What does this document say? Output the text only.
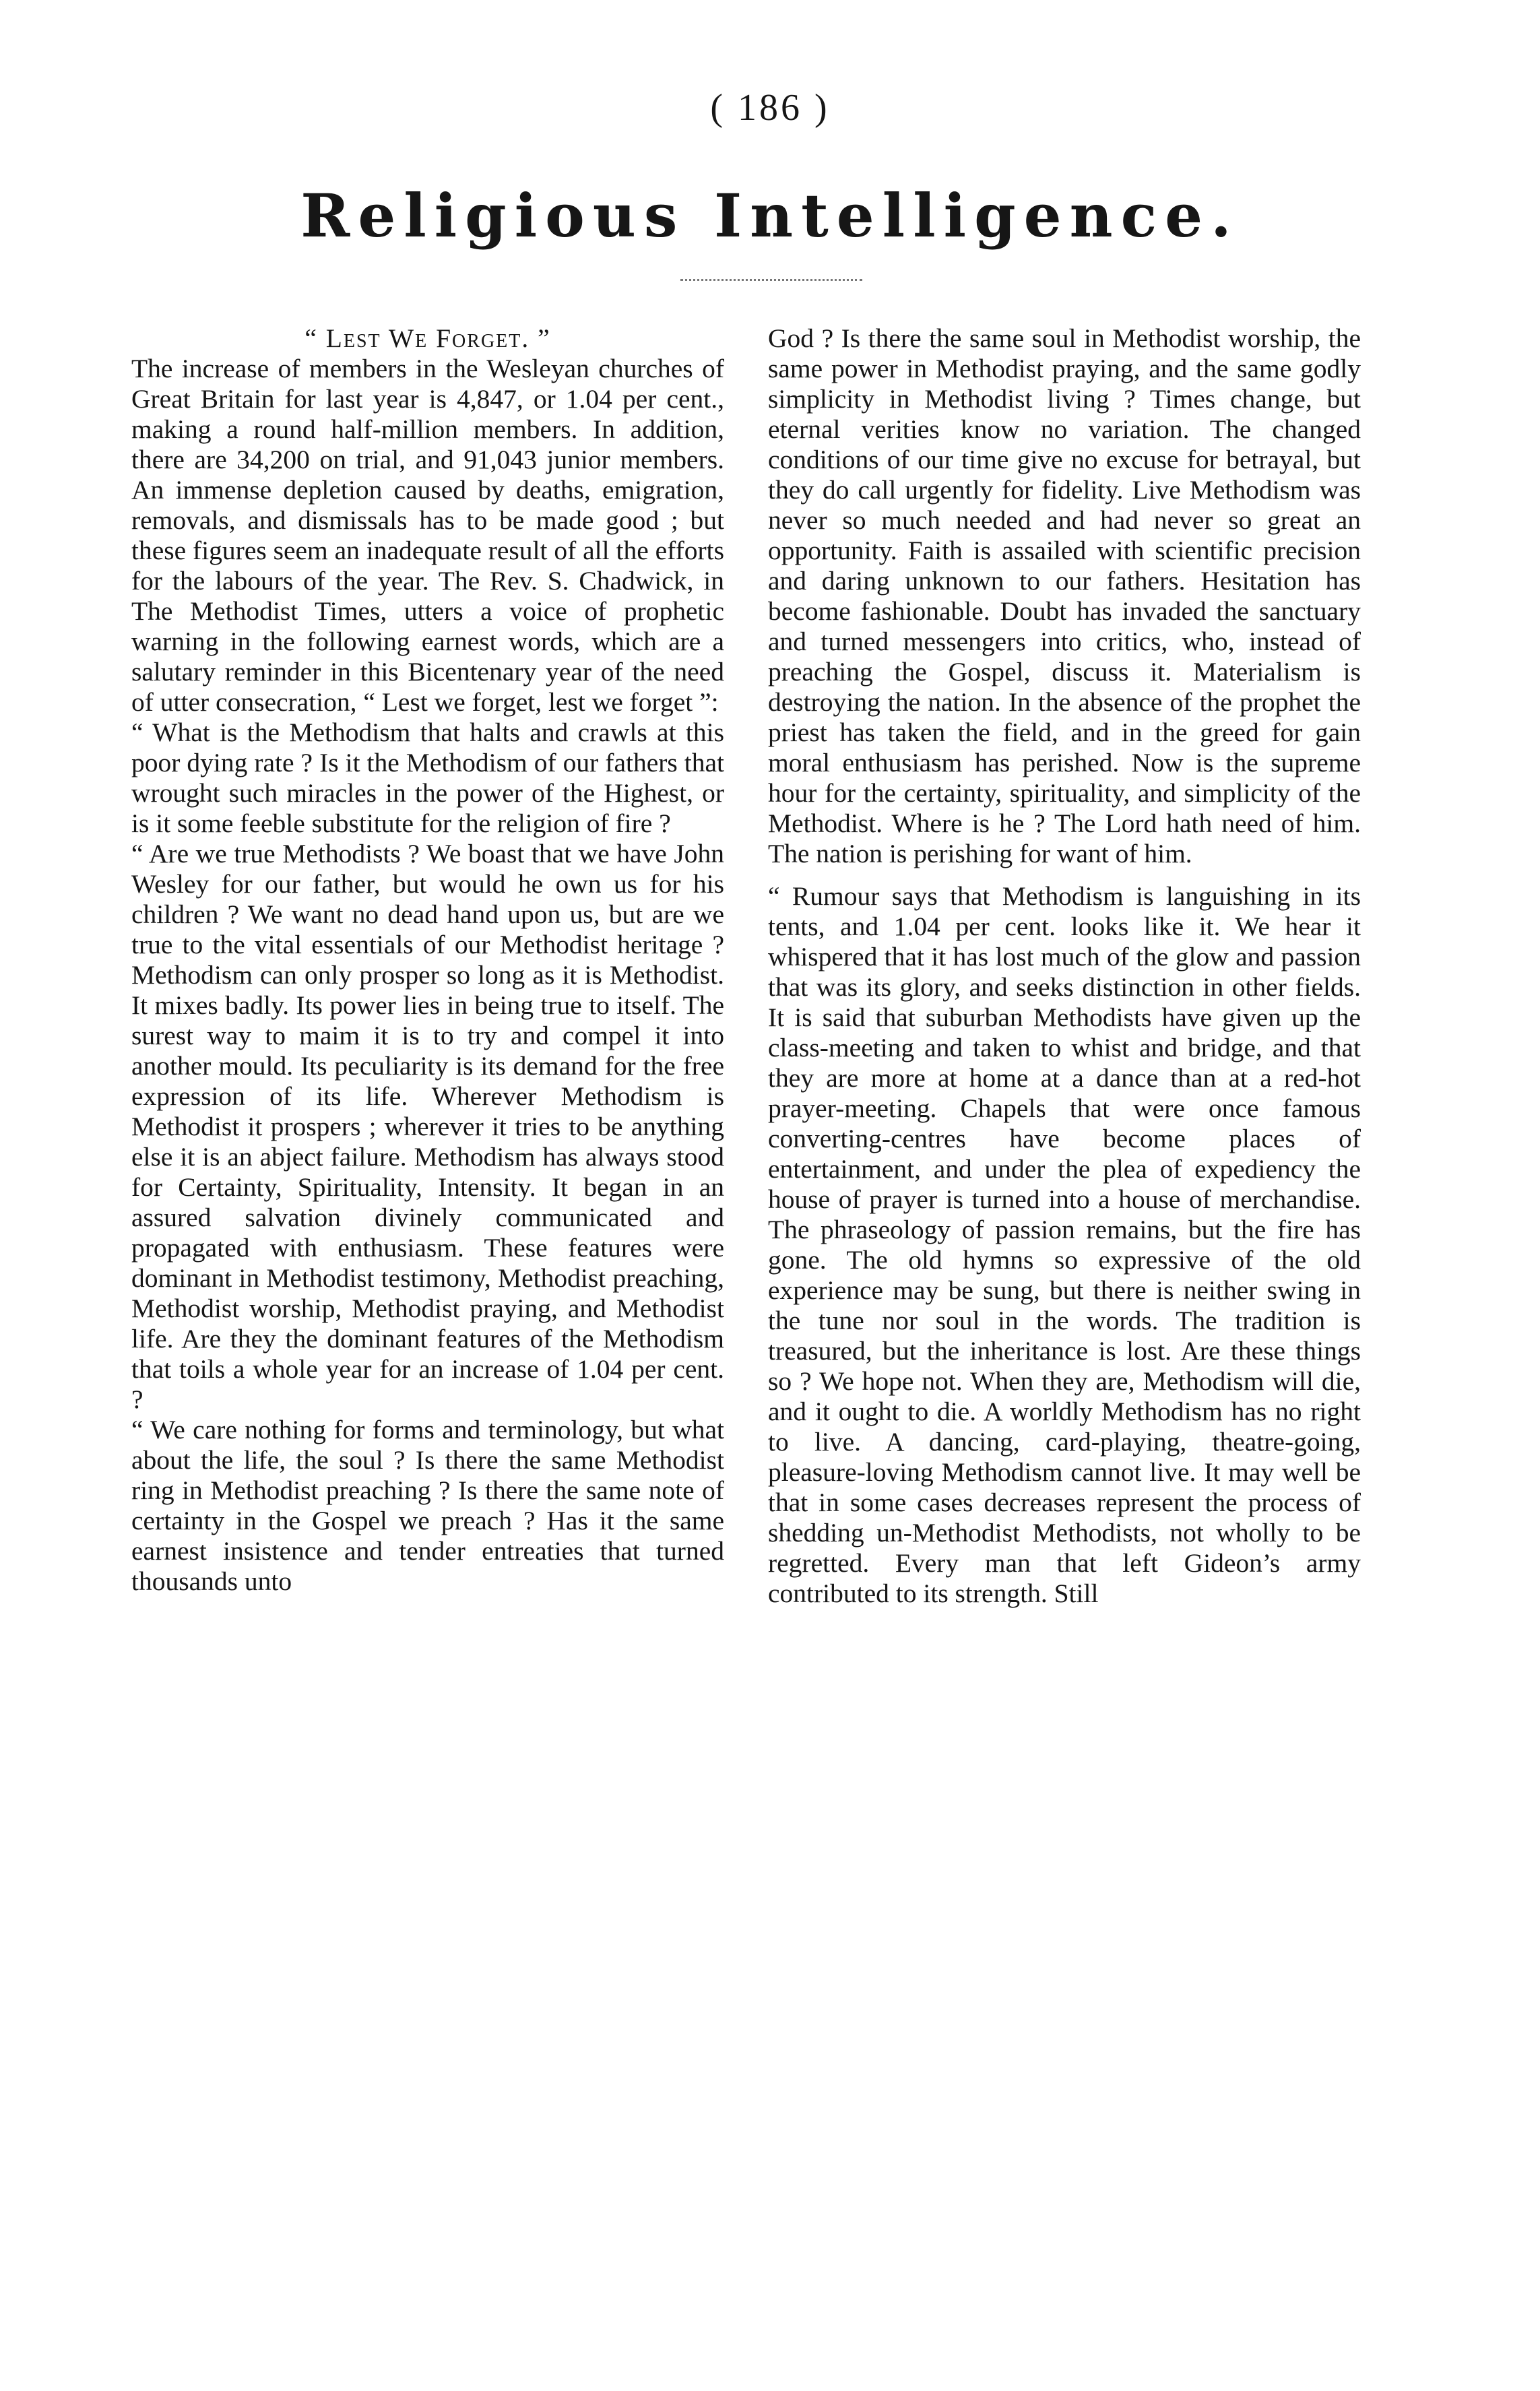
( 186 )
Religious Intelligence.

“ Lest We Forget. ”

The increase of members in the Wesleyan churches of Great Britain for last year is 4,847, or 1.04 per cent., making a round half-million members. In addition, there are 34,200 on trial, and 91,043 junior members. An immense depletion caused by deaths, emigration, removals, and dismissals has to be made good ; but these figures seem an inadequate result of all the efforts for the labours of the year. The Rev. S. Chadwick, in The Methodist Times, utters a voice of prophetic warning in the following earnest words, which are a salutary reminder in this Bicentenary year of the need of utter consecration, “ Lest we forget, lest we forget ”:

“ What is the Methodism that halts and crawls at this poor dying rate ? Is it the Methodism of our fathers that wrought such miracles in the power of the Highest, or is it some feeble substitute for the religion of fire ?

“ Are we true Methodists ? We boast that we have John Wesley for our father, but would he own us for his children ? We want no dead hand upon us, but are we true to the vital essentials of our Methodist heritage ? Methodism can only prosper so long as it is Methodist. It mixes badly. Its power lies in being true to itself. The surest way to maim it is to try and compel it into another mould. Its peculiarity is its demand for the free expression of its life. Wherever Methodism is Methodist it prospers ; wherever it tries to be anything else it is an abject failure. Methodism has always stood for Certainty, Spirituality, Intensity. It began in an assured salvation divinely communicated and propagated with enthusiasm. These features were dominant in Methodist testimony, Methodist preaching, Methodist worship, Methodist praying, and Methodist life. Are they the dominant features of the Methodism that toils a whole year for an increase of 1.04 per cent. ?

“ We care nothing for forms and terminology, but what about the life, the soul ? Is there the same Methodist ring in Methodist preaching ? Is there the same note of certainty in the Gospel we preach ? Has it the same earnest insistence and tender entreaties that turned thousands unto

God ? Is there the same soul in Methodist worship, the same power in Methodist praying, and the same godly simplicity in Methodist living ? Times change, but eternal verities know no variation. The changed conditions of our time give no excuse for betrayal, but they do call urgently for fidelity. Live Methodism was never so much needed and had never so great an opportunity. Faith is assailed with scientific precision and daring unknown to our fathers. Hesitation has become fashionable. Doubt has invaded the sanctuary and turned messengers into critics, who, instead of preaching the Gospel, discuss it. Materialism is destroying the nation. In the absence of the prophet the priest has taken the field, and in the greed for gain moral enthusiasm has perished. Now is the supreme hour for the certainty, spirituality, and simplicity of the Methodist. Where is he ? The Lord hath need of him. The nation is perishing for want of him.

“ Rumour says that Methodism is languishing in its tents, and 1.04 per cent. looks like it. We hear it whispered that it has lost much of the glow and passion that was its glory, and seeks distinction in other fields. It is said that suburban Methodists have given up the class-meeting and taken to whist and bridge, and that they are more at home at a dance than at a red-hot prayer-meeting. Chapels that were once famous converting-centres have become places of entertainment, and under the plea of expediency the house of prayer is turned into a house of merchandise. The phraseology of passion remains, but the fire has gone. The old hymns so expressive of the old experience may be sung, but there is neither swing in the tune nor soul in the words. The tradition is treasured, but the inheritance is lost. Are these things so ? We hope not. When they are, Methodism will die, and it ought to die. A worldly Methodism has no right to live. A dancing, card-playing, theatre-going, pleasure-loving Methodism cannot live. It may well be that in some cases decreases represent the process of shedding un-Methodist Methodists, not wholly to be regretted. Every man that left Gideon’s army contributed to its strength. Still
